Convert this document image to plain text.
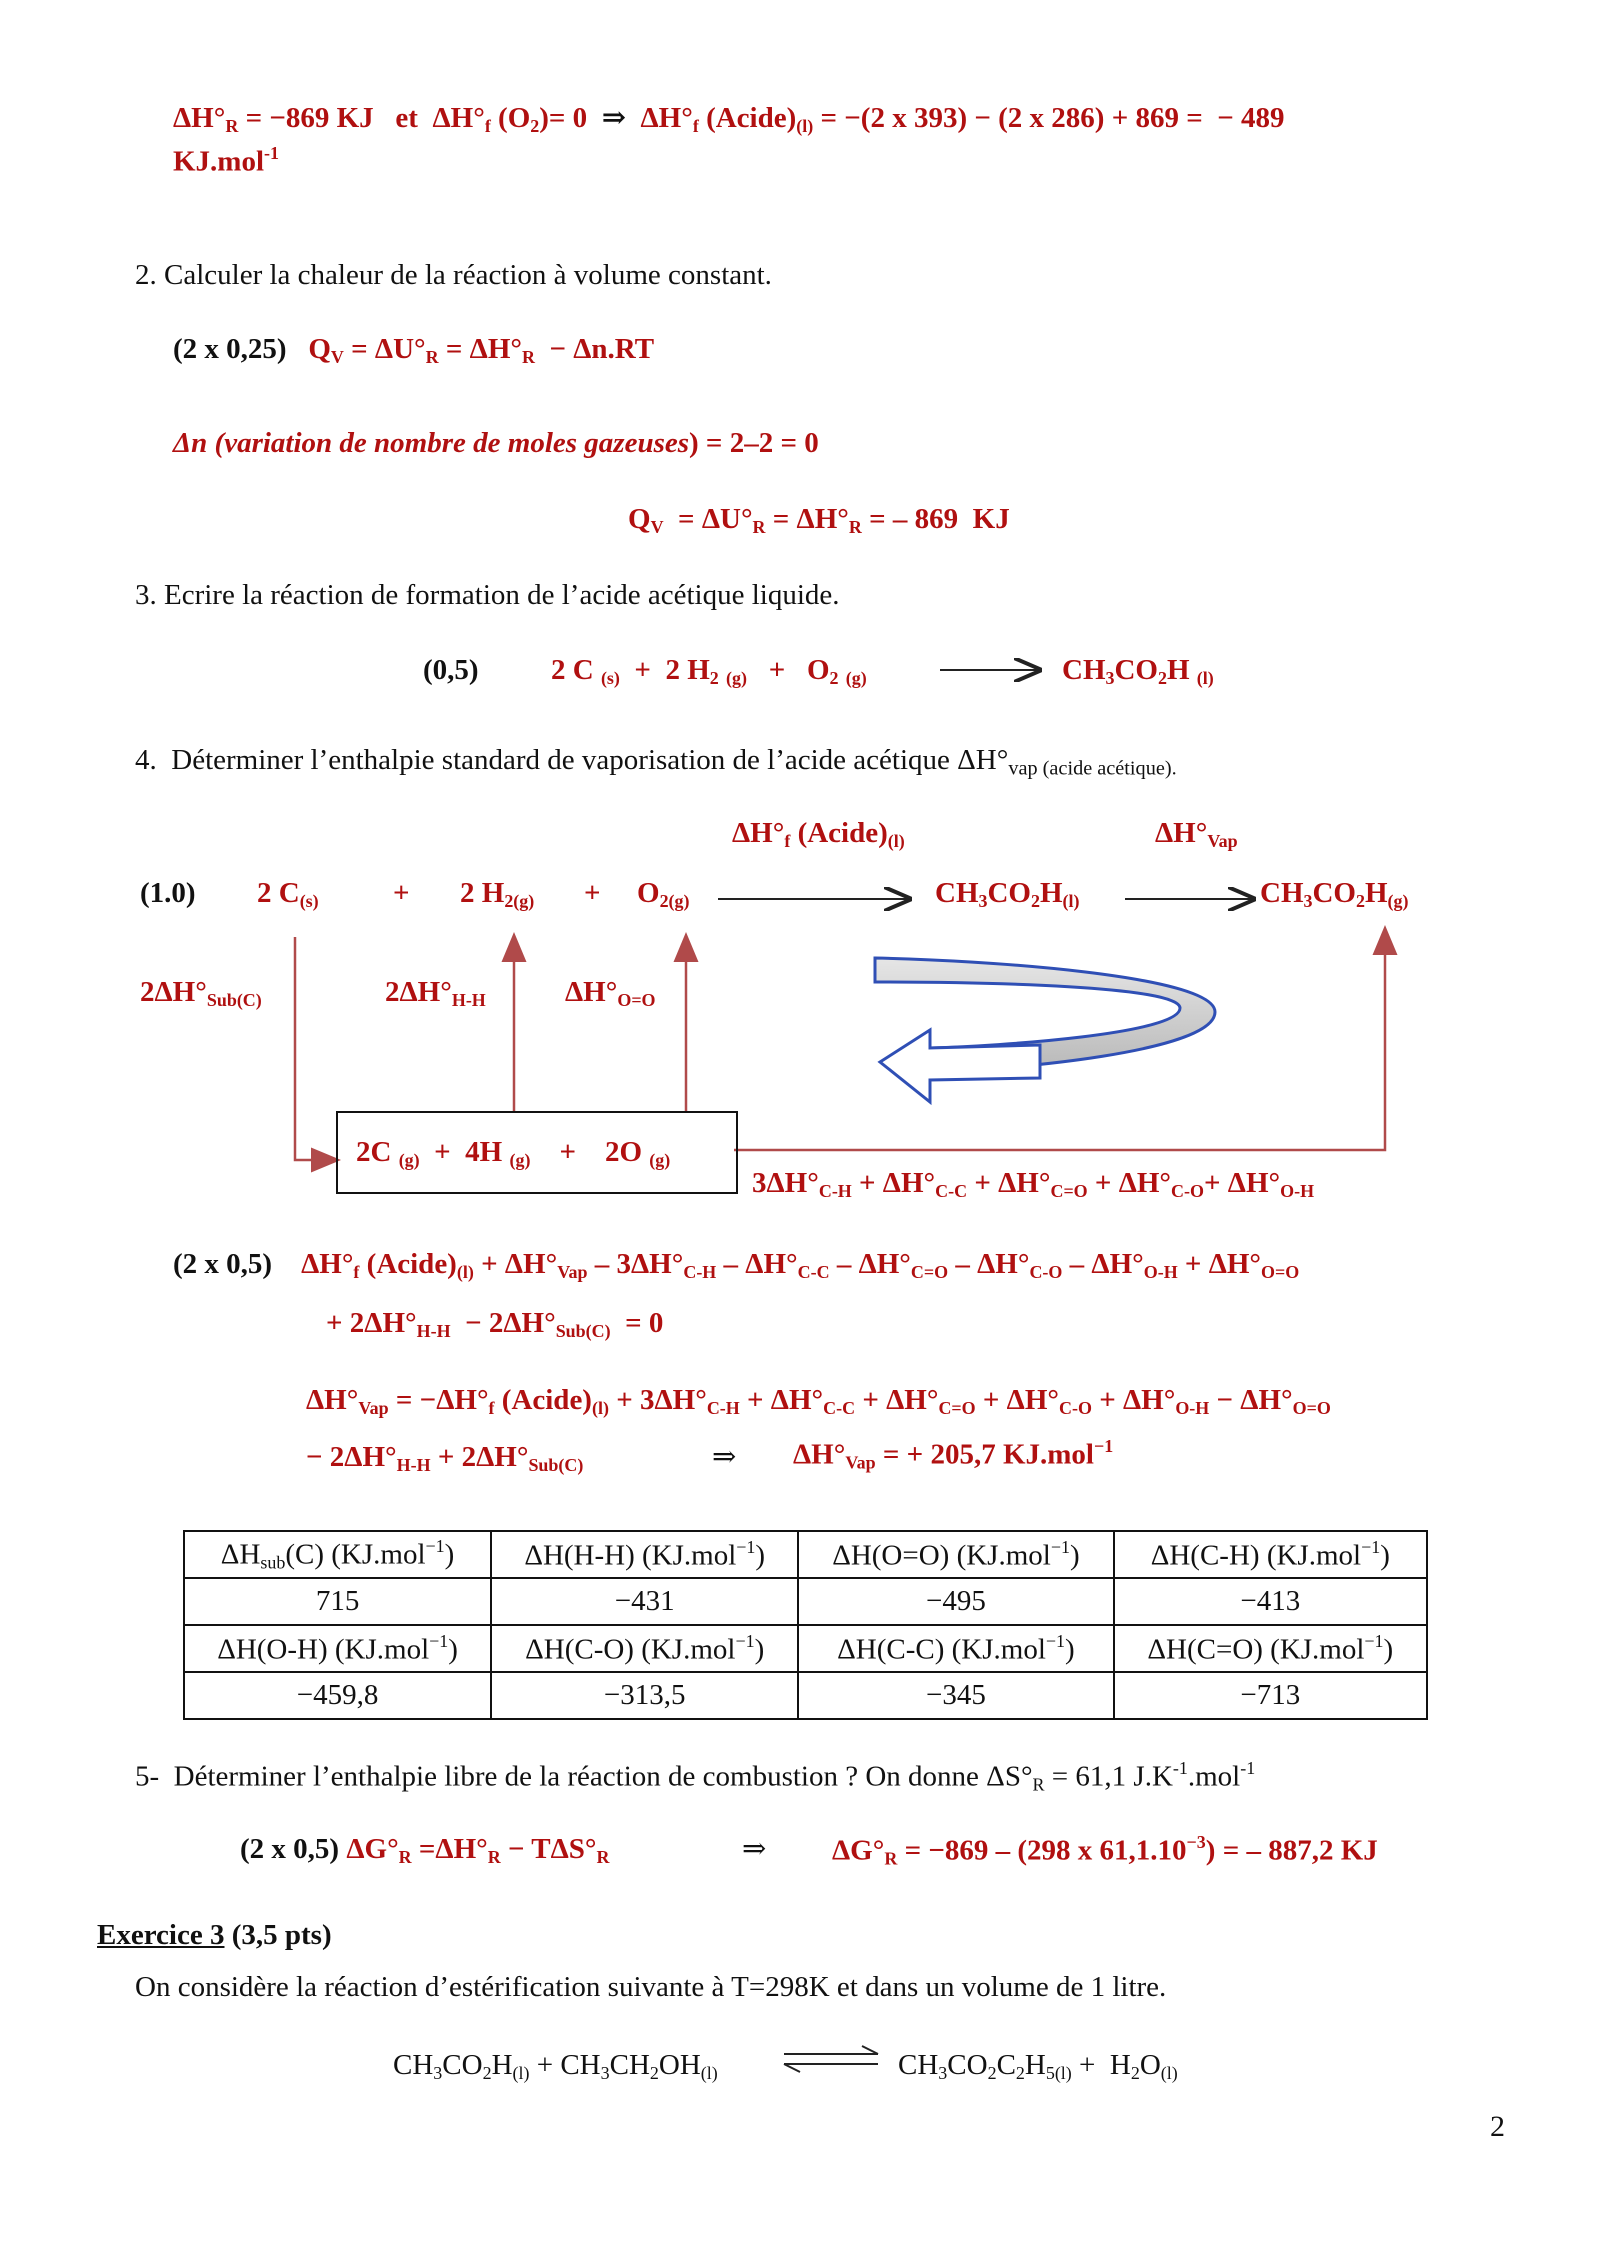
$\Delta H^\circ_R = -869$ KJ   et  $\Delta H^\circ_f$ $(O_2)= 0$  ⇒  $\Delta H^\circ_f$ $(Acide)_{(l)} = -(2$ x 393) − (2 x 286) + 869 =  − 489
KJ.mol$^{-1}$
2. Calculer la chaleur de la réaction à volume constant.
(2 x 0,25) $Q_V = \Delta U^\circ_R = \Delta H^\circ_R - \Delta n.RT$
Δn (variation de nombre de moles gazeuses) = 2–2 = 0
$Q_V = \Delta U^\circ_R = \Delta H^\circ_R$ = – 869  KJ
3. Ecrire la réaction de formation de l’acide acétique liquide.
(0,5) 2 C $_{(s)}$  +  2 $H_2$ $_{(g)} + O_2$ $_{(g)}$	$CH_3CO_2H$ $_{(l)}$
4.  Déterminer l’enthalpie standard de vaporisation de l’acide acétique $\Delta H^\circ_{vap (acide acétique).}$
$\Delta H^\circ_f$ $(Acide)_{(l)}$	$\Delta H^\circ_{Vap}$
(1.0) 2 $C_{(s)}$	+ 2 $H_{2(g)} + O_{2(g)}$	$CH_3CO_2H_{(l)}$	$CH_3CO_2H_{(g)}$
$2\Delta H^\circ_{Sub(C)}$	$2\Delta H^\circ_{H-H}$	$\Delta H^\circ_{O=O}$
2C $_{(g)}$  +  4H $_{(g)}$    +    2O $_{(g)}$
$3\Delta H^\circ_{C-H} + \Delta H^\circ_{C-C} + \Delta H^\circ_{C=O} + \Delta H^\circ_{C-O}+ \Delta H^\circ_{O-H}$
(2 x 0,5) $\Delta H^\circ_f$ $(Acide)_{(l)} + \Delta H^\circ_{Vap} - 3\Delta H^\circ_{C-H} - \Delta H^\circ_{C-C} - \Delta H^\circ_{C=O} - \Delta H^\circ_{C-O} - \Delta H^\circ_{O-H} + \Delta H^\circ_{O=O}$
+ $2\Delta H^\circ_{H-H} - 2\Delta H^\circ_{Sub(C)} = 0$
$\Delta H^\circ_{Vap} = -\Delta H^\circ_f$ $(Acide)_{(l)} + 3\Delta H^\circ_{C-H} + \Delta H^\circ_{C-C} + \Delta H^\circ_{C=O} + \Delta H^\circ_{C-O} + \Delta H^\circ_{O-H} - \Delta H^\circ_{O=O}$
− $2\Delta H^\circ_{H-H} + 2\Delta H^\circ_{Sub(C)}$	⇒ $\Delta H^\circ_{Vap}$ = + 205,7 KJ.mol$^{-1}$
$\Delta H_{sub}(C)$ (KJ.mol$^{-1}$)	ΔH(H-H) (KJ.mol$^{-1}$)	ΔH(O=O) (KJ.mol$^{-1}$)	ΔH(C-H) (KJ.mol$^{-1}$)
715	−431	−495	−413
ΔH(O-H) (KJ.mol$^{-1}$)	ΔH(C-O) (KJ.mol$^{-1}$)	ΔH(C-C) (KJ.mol$^{-1}$)	ΔH(C=O) (KJ.mol$^{-1}$)
−459,8	−313,5	−345	−713
5-  Déterminer l’enthalpie libre de la réaction de combustion ? On donne $\Delta S^\circ_R = 61,1$ $J.K^{-1}.mol^{-1}$
(2 x 0,5) $\Delta G^\circ_R =\Delta H^\circ_R - T\Delta S^\circ_R$	⇒ $\Delta G^\circ_R = -869 - (298$ x $61,1.10^{-3}$) = – 887,2 KJ
Exercice 3 (3,5 pts)
On considère la réaction d’estérification suivante à T=298K et dans un volume de 1 litre.
$CH_3CO_2H_{(l)} + CH_3CH_2OH_{(l)}$	$CH_3CO_2C_2H_{5(l)} + H_2O_{(l)}$
2
